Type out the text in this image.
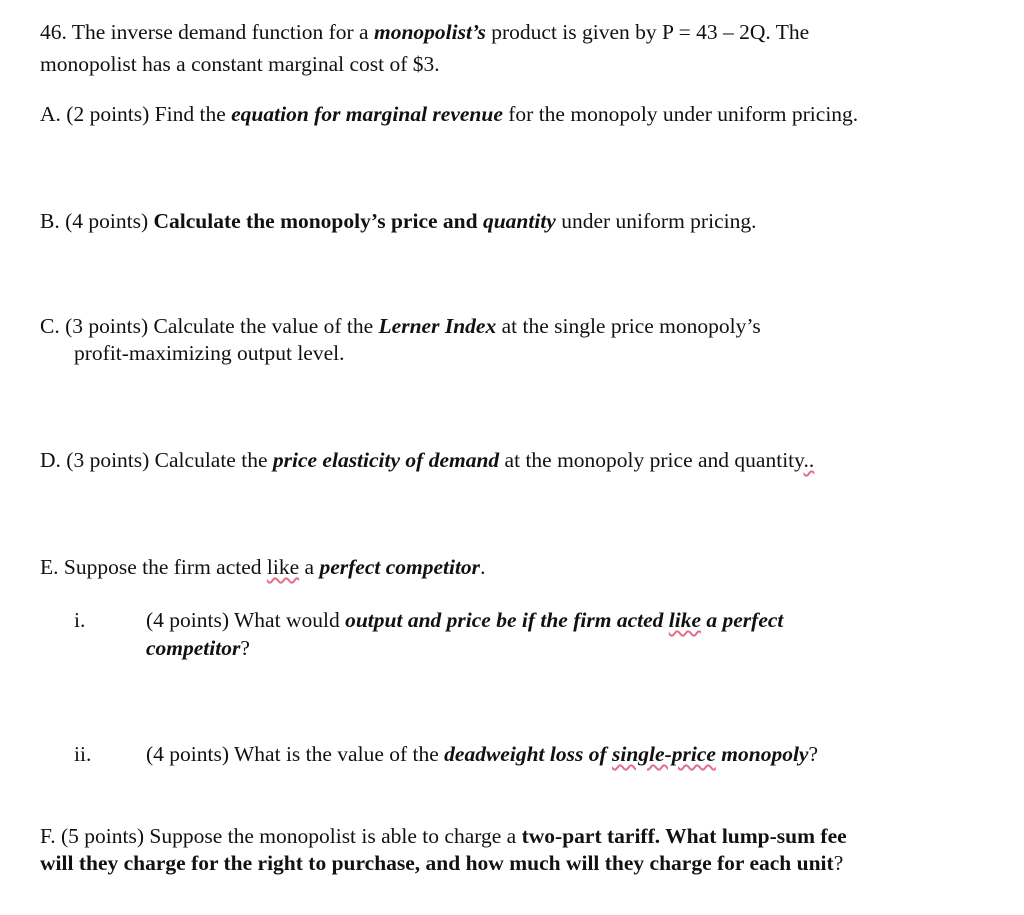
46. The inverse demand function for a monopolist’s product is given by P = 43 – 2Q. The
monopolist has a constant marginal cost of $3.
A. (2 points) Find the equation for marginal revenue for the monopoly under uniform pricing.
B. (4 points) Calculate the monopoly’s price and quantity under uniform pricing.
C. (3 points) Calculate the value of the Lerner Index at the single price monopoly’s
profit-maximizing output level.
D. (3 points) Calculate the price elasticity of demand at the monopoly price and quantity..
E. Suppose the firm acted like a perfect competitor.
i.	(4 points) What would output and price be if the firm acted like a perfect
competitor?
ii.	(4 points) What is the value of the deadweight loss of single-price monopoly?
F. (5 points) Suppose the monopolist is able to charge a two-part tariff. What lump-sum fee
will they charge for the right to purchase, and how much will they charge for each unit?
